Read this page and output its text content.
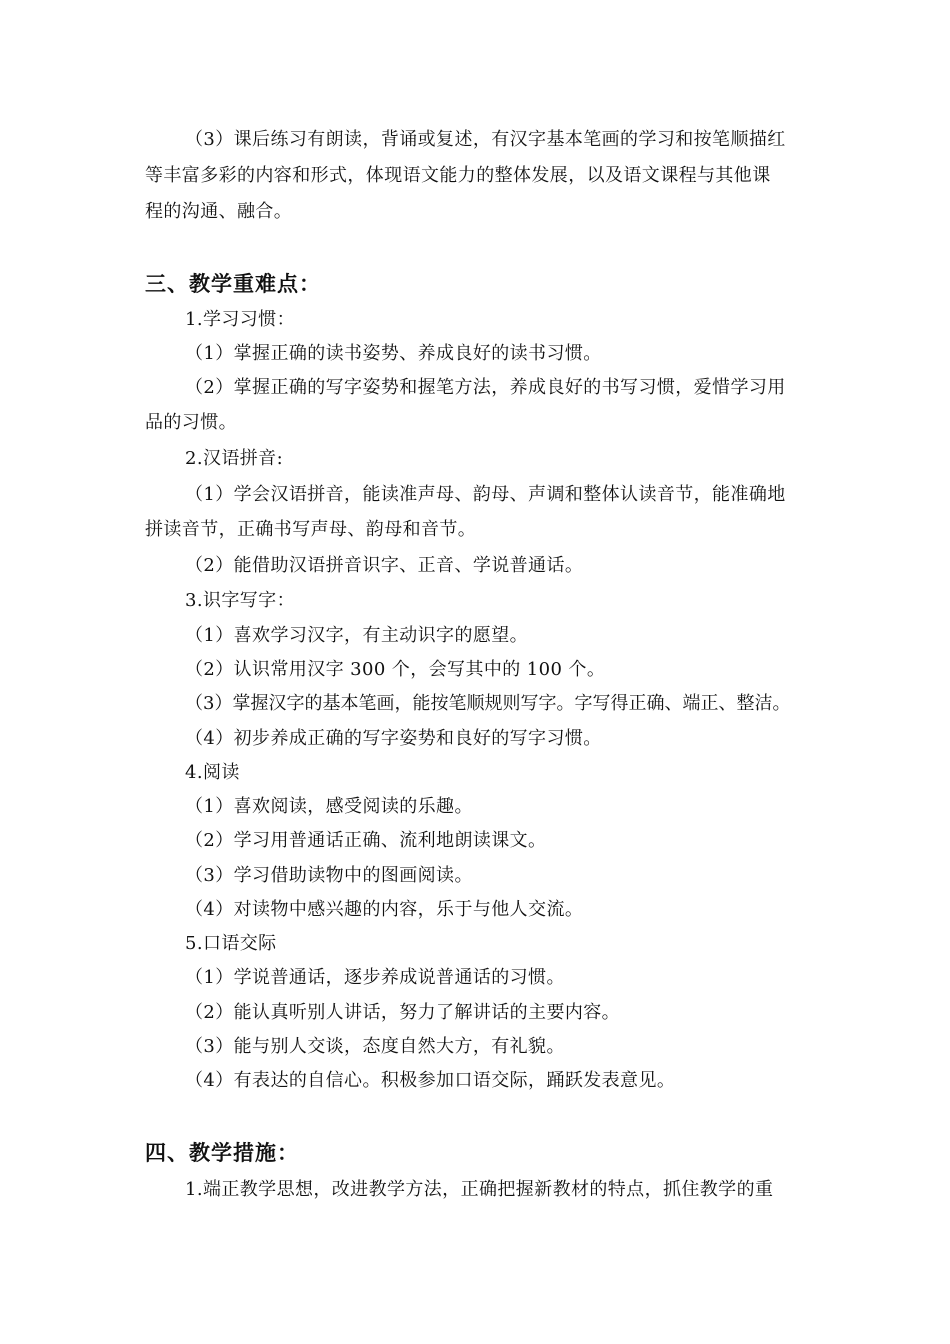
（3）课后练习有朗读，背诵或复述，有汉字基本笔画的学习和按笔顺描红
等丰富多彩的内容和形式，体现语文能力的整体发展，以及语文课程与其他课
程的沟通、融合。
三、教学重难点：
1.学习习惯：
（1）掌握正确的读书姿势、养成良好的读书习惯。
（2）掌握正确的写字姿势和握笔方法，养成良好的书写习惯，爱惜学习用
品的习惯。
2.汉语拼音:
（1）学会汉语拼音，能读准声母、韵母、声调和整体认读音节，能准确地
拼读音节，正确书写声母、韵母和音节。
（2）能借助汉语拼音识字、正音、学说普通话。
3.识字写字：
（1）喜欢学习汉字，有主动识字的愿望。
（2）认识常用汉字 300 个，会写其中的 100 个。
（3）掌握汉字的基本笔画，能按笔顺规则写字。字写得正确、端正、整洁。
（4）初步养成正确的写字姿势和良好的写字习惯。
4.阅读
（1）喜欢阅读，感受阅读的乐趣。
（2）学习用普通话正确、流利地朗读课文。
（3）学习借助读物中的图画阅读。
（4）对读物中感兴趣的内容，乐于与他人交流。
5.口语交际
（1）学说普通话，逐步养成说普通话的习惯。
（2）能认真听别人讲话，努力了解讲话的主要内容。
（3）能与别人交谈，态度自然大方，有礼貌。
（4）有表达的自信心。积极参加口语交际，踊跃发表意见。
四、教学措施：
1.端正教学思想，改进教学方法，正确把握新教材的特点，抓住教学的重
